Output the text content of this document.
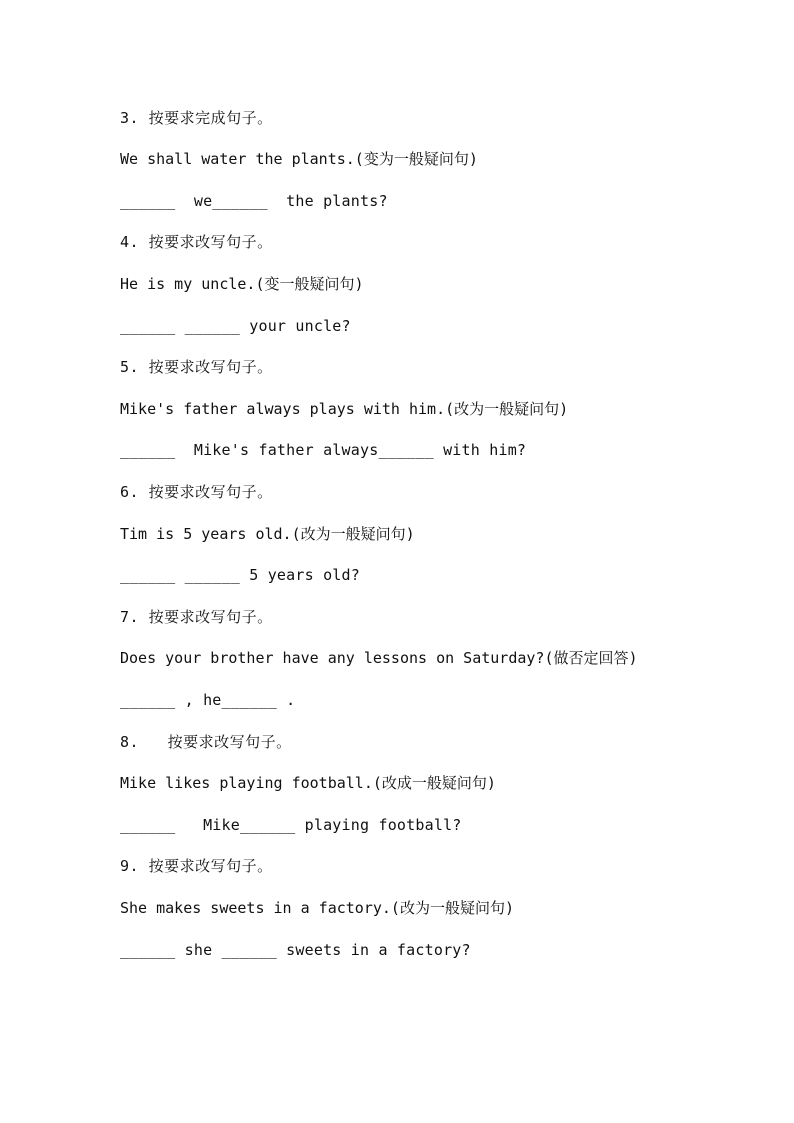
3. 按要求完成句子。
We shall water the plants.(变为一般疑问句)
______  we______  the plants?
4. 按要求改写句子。
He is my uncle.(变一般疑问句)
______ ______ your uncle?
5. 按要求改写句子。
Mike's father always plays with him.(改为一般疑问句)
______  Mike's father always______ with him?
6. 按要求改写句子。
Tim is 5 years old.(改为一般疑问句)
______ ______ 5 years old?
7. 按要求改写句子。
Does your brother have any lessons on Saturday?(做否定回答)
______ , he______ .
8.   按要求改写句子。
Mike likes playing football.(改成一般疑问句)
______   Mike______ playing football?
9. 按要求改写句子。
She makes sweets in a factory.(改为一般疑问句)
______ she ______ sweets in a factory?
